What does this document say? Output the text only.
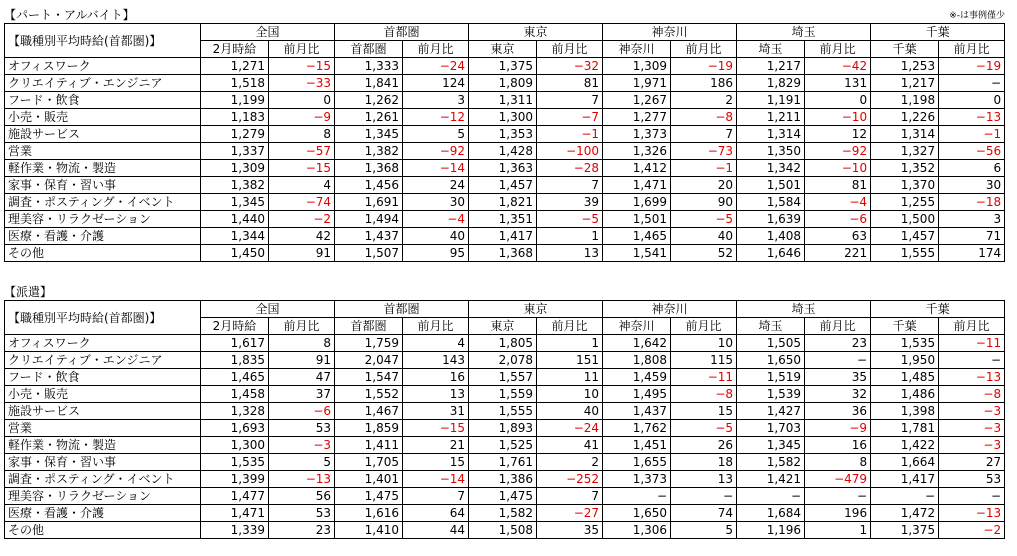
【パート・アルバイト】	※-は事例僅少
【職種別平均時給(首都圏)】	全国		首都圏		東京		神奈川		埼玉		千葉	
	2月時給	前月比	首都圏	前月比	東京	前月比	神奈川	前月比	埼玉	前月比	千葉	前月比
オフィスワーク	1,271	−15	1,333	−24	1,375	−32	1,309	−19	1,217	−42	1,253	−19
クリエイティブ・エンジニア	1,518	−33	1,841	124	1,809	81	1,971	186	1,829	131	1,217	−
フード・飲食	1,199	0	1,262	3	1,311	7	1,267	2	1,191	0	1,198	0
小売・販売	1,183	−9	1,261	−12	1,300	−7	1,277	−8	1,211	−10	1,226	−13
施設サービス	1,279	8	1,345	5	1,353	−1	1,373	7	1,314	12	1,314	−1
営業	1,337	−57	1,382	−92	1,428	−100	1,326	−73	1,350	−92	1,327	−56
軽作業・物流・製造	1,309	−15	1,368	−14	1,363	−28	1,412	−1	1,342	−10	1,352	6
家事・保育・習い事	1,382	4	1,456	24	1,457	7	1,471	20	1,501	81	1,370	30
調査・ポスティング・イベント	1,345	−74	1,691	30	1,821	39	1,699	90	1,584	−4	1,255	−18
理美容・リラクゼーション	1,440	−2	1,494	−4	1,351	−5	1,501	−5	1,639	−6	1,500	3
医療・看護・介護	1,344	42	1,437	40	1,417	1	1,465	40	1,408	63	1,457	71
その他	1,450	91	1,507	95	1,368	13	1,541	52	1,646	221	1,555	174
【派遣】
【職種別平均時給(首都圏)】	全国		首都圏		東京		神奈川		埼玉		千葉	
	2月時給	前月比	首都圏	前月比	東京	前月比	神奈川	前月比	埼玉	前月比	千葉	前月比
オフィスワーク	1,617	8	1,759	4	1,805	1	1,642	10	1,505	23	1,535	−11
クリエイティブ・エンジニア	1,835	91	2,047	143	2,078	151	1,808	115	1,650	−	1,950	−
フード・飲食	1,465	47	1,547	16	1,557	11	1,459	−11	1,519	35	1,485	−13
小売・販売	1,458	37	1,552	13	1,559	10	1,495	−8	1,539	32	1,486	−8
施設サービス	1,328	−6	1,467	31	1,555	40	1,437	15	1,427	36	1,398	−3
営業	1,693	53	1,859	−15	1,893	−24	1,762	−5	1,703	−9	1,781	−3
軽作業・物流・製造	1,300	−3	1,411	21	1,525	41	1,451	26	1,345	16	1,422	−3
家事・保育・習い事	1,535	5	1,705	15	1,761	2	1,655	18	1,582	8	1,664	27
調査・ポスティング・イベント	1,399	−13	1,401	−14	1,386	−252	1,373	13	1,421	−479	1,417	53
理美容・リラクゼーション	1,477	56	1,475	7	1,475	7	−	−	−	−	−	−
医療・看護・介護	1,471	53	1,616	64	1,582	−27	1,650	74	1,684	196	1,472	−13
その他	1,339	23	1,410	44	1,508	35	1,306	5	1,196	1	1,375	−2
